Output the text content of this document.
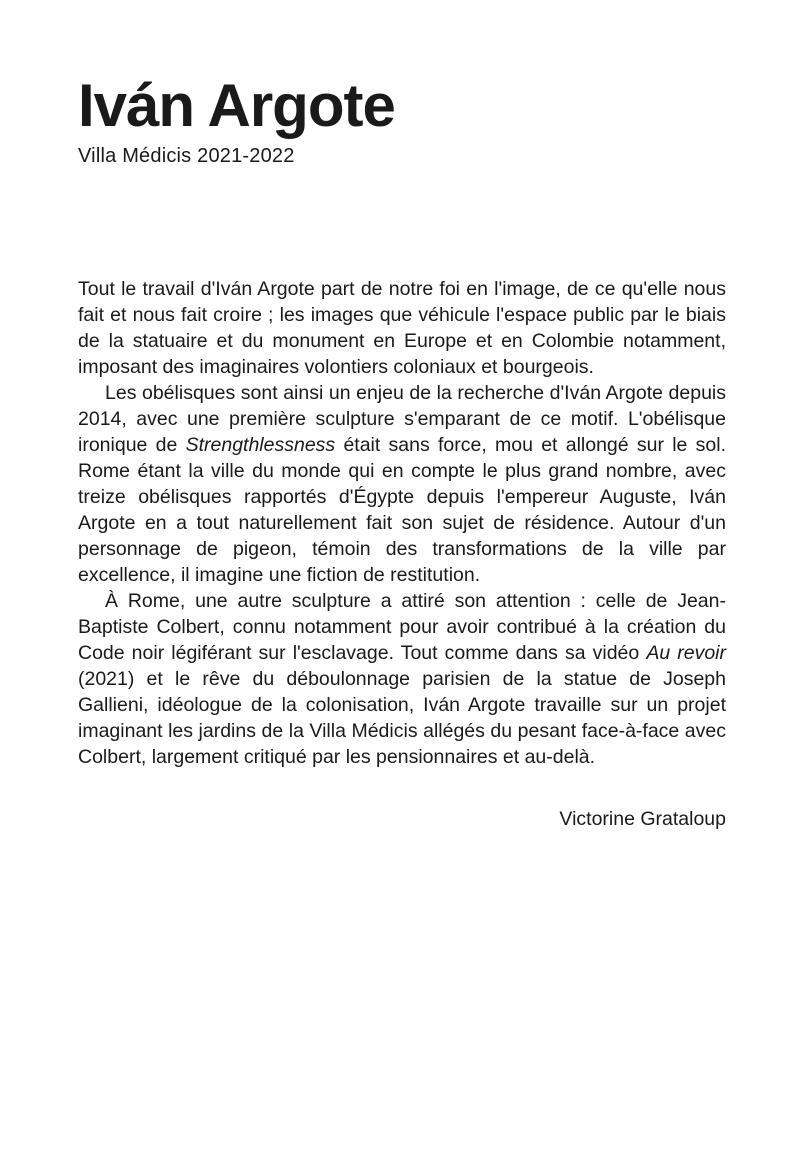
Iván Argote
Villa Médicis 2021-2022

Tout le travail d'Iván Argote part de notre foi en l'image, de ce qu'elle nous fait et nous fait croire ; les images que véhicule l'espace public par le biais de la statuaire et du monument en Europe et en Colombie notamment, imposant des imaginaires volontiers coloniaux et bourgeois.

Les obélisques sont ainsi un enjeu de la recherche d'Iván Argote depuis 2014, avec une première sculpture s'emparant de ce motif. L'obélisque ironique de Strengthlessness était sans force, mou et allongé sur le sol. Rome étant la ville du monde qui en compte le plus grand nombre, avec treize obélisques rapportés d'Égypte depuis l'empereur Auguste, Iván Argote en a tout naturellement fait son sujet de résidence. Autour d'un personnage de pigeon, témoin des transformations de la ville par excellence, il imagine une fiction de restitution.

À Rome, une autre sculpture a attiré son attention : celle de Jean-Baptiste Colbert, connu notamment pour avoir contribué à la création du Code noir légiférant sur l'esclavage. Tout comme dans sa vidéo Au revoir (2021) et le rêve du déboulonnage parisien de la statue de Joseph Gallieni, idéologue de la colonisation, Iván Argote travaille sur un projet imaginant les jardins de la Villa Médicis allégés du pesant face-à-face avec Colbert, largement critiqué par les pensionnaires et au-delà.

Victorine Grataloup
